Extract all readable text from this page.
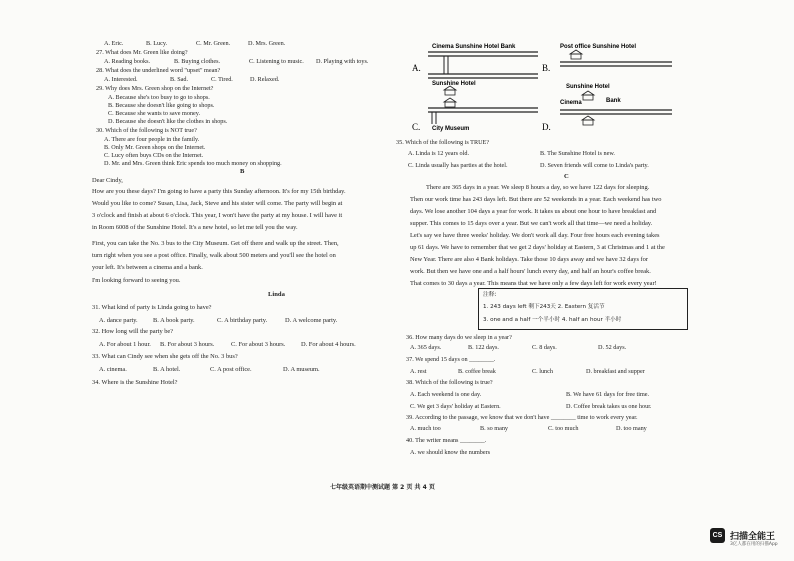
A. Eric.	B. Lucy.	C. Mr. Green.	D. Mrs. Green.
27. What does Mr. Green like doing?
A. Reading books.	B. Buying clothes.	C. Listening to music. D. Playing with toys.
28. What does the underlined word "upset" mean?
A. Interested.	B. Sad.	C. Tired.	D. Relaxed.
29. Why does Mrs. Green shop on the Internet?
A. Because she's too busy to go to shops.
B. Because she doesn't like going to shops.
C. Because she wants to save money.
D. Because she doesn't like the clothes in shops.
30. Which of the following is NOT true?
A. There are four people in the family.
B. Only Mr. Green shops on the Internet.
C. Lucy often buys CDs on the Internet.
D. Mr. and Mrs. Green think Eric spends too much money on shopping.
B
Dear Cindy,
How are you these days? I'm going to have a party this Sunday afternoon. It's for my 15th birthday.
Would you like to come? Susan, Lisa, Jack, Steve and his sister will come. The party will begin at
3 o'clock and finish at about 6 o'clock. This year, I won't have the party at my house. I will have it
in Room 6008 of the Sunshine Hotel. It's a new hotel, so let me tell you the way.
First, you can take the No. 3 bus to the City Museum. Get off there and walk up the street. Then,
turn right when you see a post office. Finally, walk about 500 meters and you'll see the hotel on
your left. It's between a cinema and a bank.
I'm looking forward to seeing you.
Linda
31. What kind of party is Linda going to have?
A. dance party. B. A book party.	C. A birthday party.	D. A welcome party.
32. How long will the party be?
A. For about 1 hour. B. For about 3 hours.	C. For about 3 hours. D. For about 4 hours.
33. What can Cindy see when she gets off the No. 3 bus?
A. cinema.	B. A hotel.	C. A post office.	D. A museum.
34. Where is the Sunshine Hotel?
Cinema Sunshine Hotel Bank
A.
Sunshine Hotel
Post office Sunshine Hotel
B.
C. City Museum
Sunshine Hotel
Cinema	Bank
D.
35. Which of the following is TRUE?
A. Linda is 12 years old.	B. The Sunshine Hotel is new.
C. Linda usually has parties at the hotel.	D. Seven friends will come to Linda's party.
C
There are 365 days in a year. We sleep 8 hours a day, so we have 122 days for sleeping.
Then our work time has 243 days left. But there are 52 weekends in a year. Each weekend has two
days. We lose another 104 days a year for work. It takes us about one hour to have breakfast and
supper. This comes to 15 days over a year. But we can't work all that time—we need a holiday.
Let's say we have three weeks' holiday. We don't work all day. Four free hours each evening takes
up 61 days. We have to remember that we get 2 days' holiday at Eastern, 3 at Christmas and 1 at the
New Year. There are also 4 Bank holidays. Take those 10 days away and we have 32 days for
work. But then we have one and a half hours' lunch every day, and half an hour's coffee break.
That comes to 30 days a year. This means that we have only a few days left for work every year!
注释:
1. 243 days left 剩下243天 2. Eastern 复活节
3. one and a half 一个半小时 4. half an hour 半小时
36. How many days do we sleep in a year?
A. 365 days.	B. 122 days.	C. 8 days.	D. 52 days.
37. We spend 15 days on ________.
A. rest	B. coffee break	C. lunch	D. breakfast and supper
38. Which of the following is true?
A. Each weekend is one day.	B. We have 61 days for free time.
C. We get 3 days' holiday at Eastern.	D. Coffee break takes us one hour.
39. According to the passage, we know that we don't have ________ time to work every year.
A. much too	B. so many	C. too much	D. too many
40. The writer means ________.
A. we should know the numbers
七年级英语期中测试题 第 2 页 共 4 页
CS 扫描全能王
3亿人都在用的扫描App
